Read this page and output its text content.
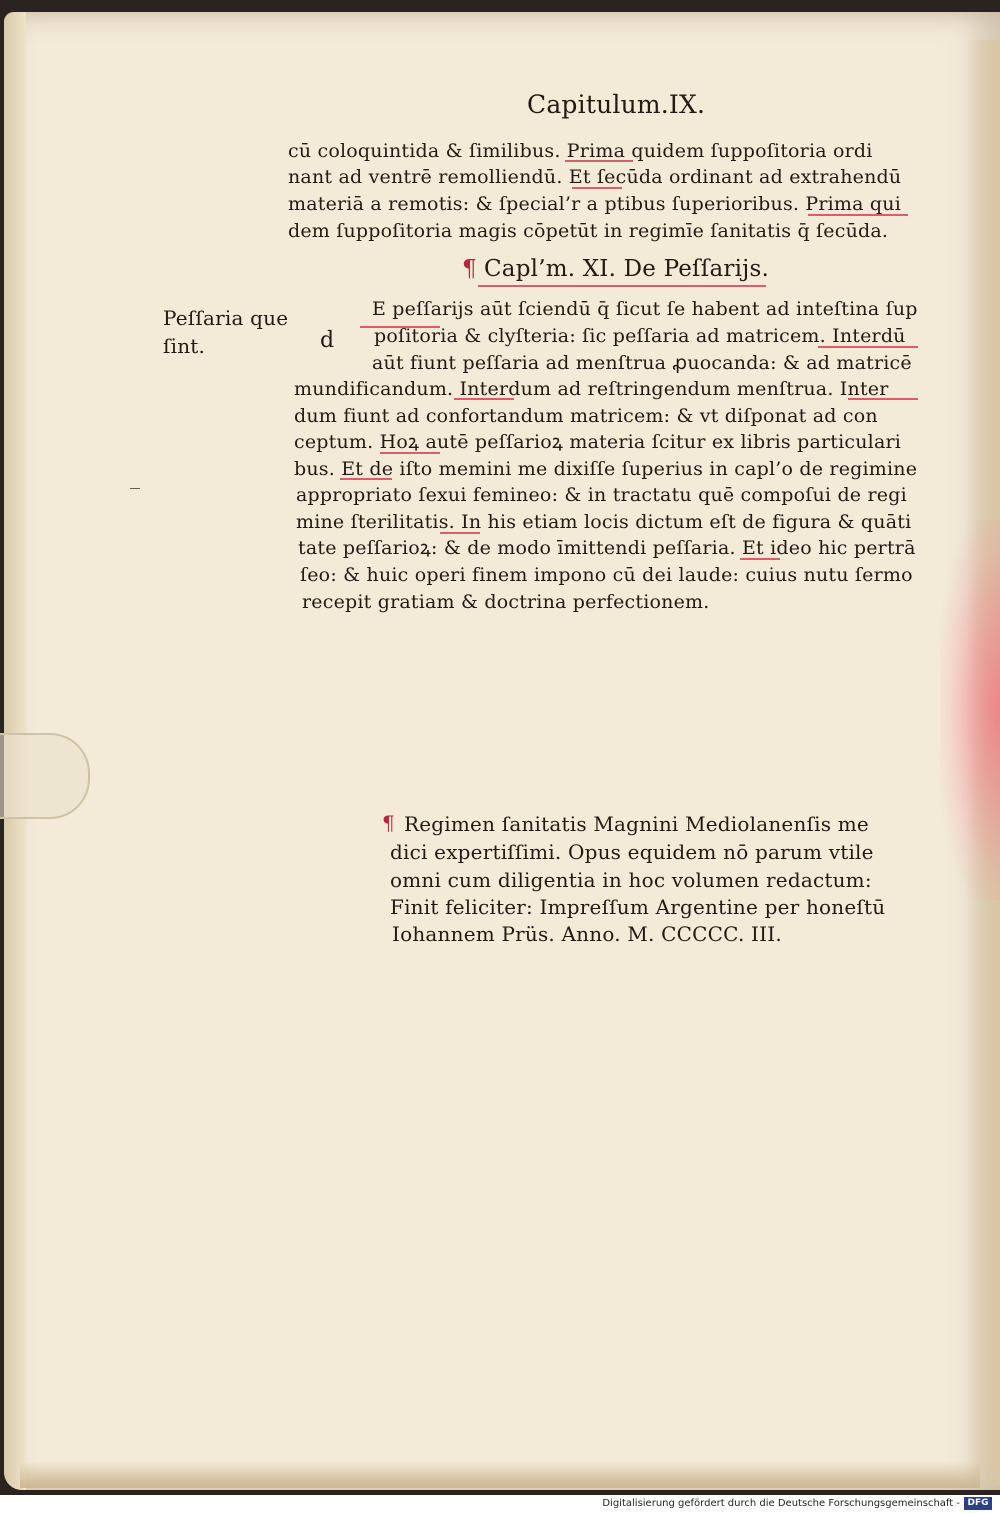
Capitulum.IX.
cū coloquintida & ſimilibus. Prima quidem ſuppoſitoria ordi
nant ad ventrē remolliendū. Et ſecūda ordinant ad extrahendū
materiā a remotis: & ſpecial’r a ptibus ſuperioribus. Prima qui
dem ſuppoſitoria magis cōpetūt in regimīe ſanitatis q̄ ſecūda.
¶ Capl’m. XI. De Peſſarijs.
Peſſaria que
ſint.	d
E peſſarijs aūt ſciendū q̄ ſicut ſe habent ad inteſtina ſup
poſitoria & clyſteria: ſic peſſaria ad matricem. Interdū
aūt fiunt peſſaria ad menſtrua ꝓuocanda: & ad matricē
mundificandum. Interdum ad reſtringendum menſtrua. Inter
dum fiunt ad confortandum matricem: & vt diſponat ad con
ceptum. Hoꝝ autē peſſarioꝝ materia ſcitur ex libris particulari
bus. Et de iſto memini me dixiſſe ſuperius in capl’o de regimine
appropriato ſexui femineo: & in tractatu quē compoſui de regi
mine ſterilitatis. In his etiam locis dictum eſt de figura & quāti
tate peſſarioꝝ: & de modo īmittendi peſſaria. Et ideo hic pertrā
ſeo: & huic operi finem impono cū dei laude: cuius nutu ſermo
recepit gratiam & doctrina perfectionem.
¶ Regimen ſanitatis Magnini Mediolanenſis me
dici expertiſſimi. Opus equidem nō parum vtile
omni cum diligentia in hoc volumen redactum:
Finit feliciter: Impreſſum Argentine per honeſtū
Iohannem Prüs. Anno. M. CCCCC. III.
Digitalisierung gefördert durch die Deutsche Forschungsgemeinschaft - DFG
